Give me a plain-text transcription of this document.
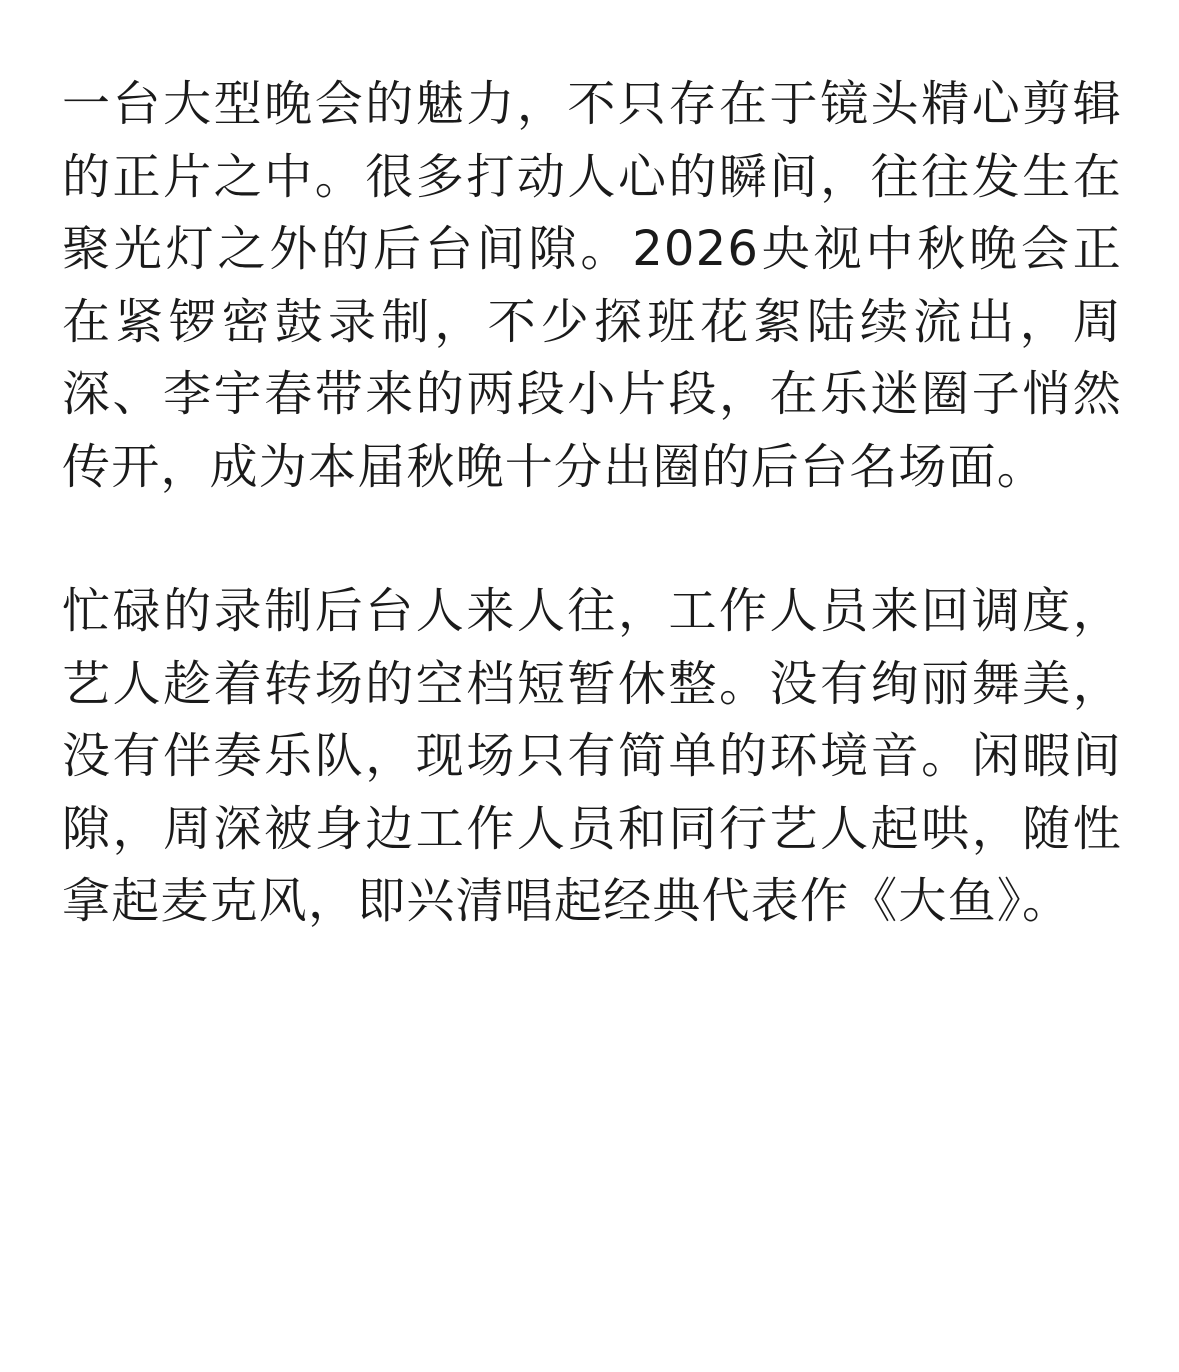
一台大型晚会的魅力，不只存在于镜头精心剪辑的正片之中。很多打动人心的瞬间，往往发生在聚光灯之外的后台间隙。2026央视中秋晚会正在紧锣密鼓录制，不少探班花絮陆续流出，周深、李宇春带来的两段小片段，在乐迷圈子悄然传开，成为本届秋晚十分出圈的后台名场面。

忙碌的录制后台人来人往，工作人员来回调度，艺人趁着转场的空档短暂休整。没有绚丽舞美，没有伴奏乐队，现场只有简单的环境音。闲暇间隙，周深被身边工作人员和同行艺人起哄，随性拿起麦克风，即兴清唱起经典代表作《大鱼》。
